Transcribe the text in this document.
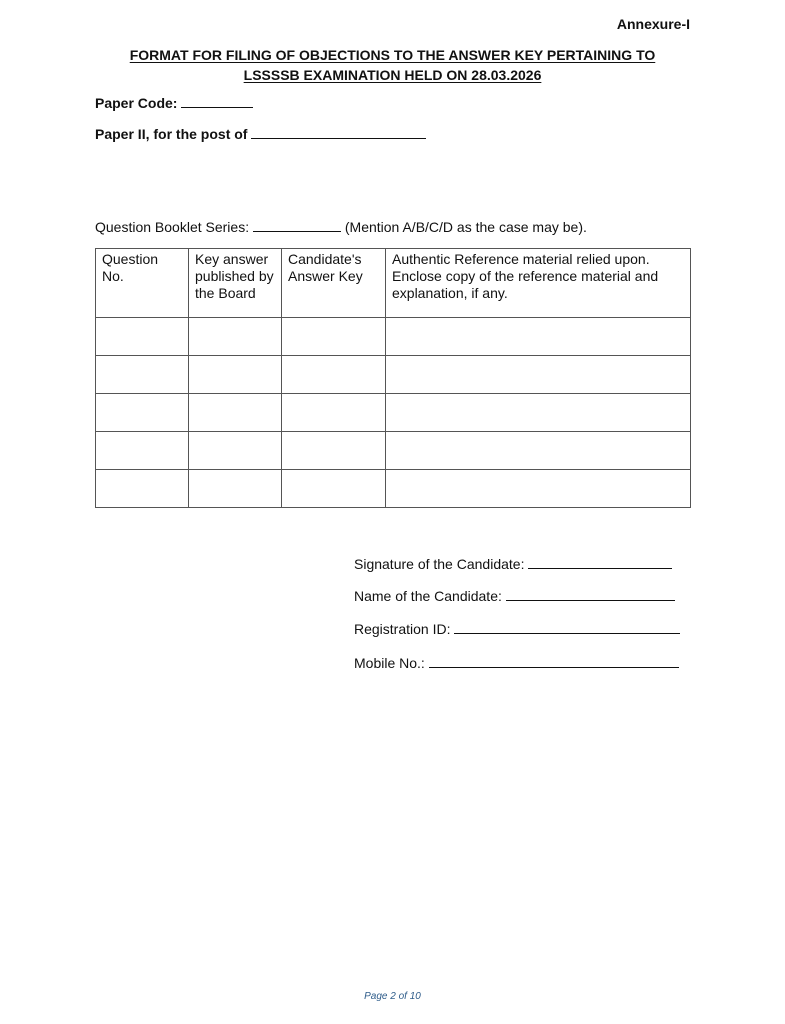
Annexure-I
FORMAT FOR FILING OF OBJECTIONS TO THE ANSWER KEY PERTAINING TO
LSSSSB EXAMINATION HELD ON 28.03.2026
Paper Code:
Paper II, for the post of
Question Booklet Series:	(Mention A/B/C/D as the case may be).
Question No.	Key answer published by the Board	Candidate's Answer Key	Authentic Reference material relied upon. Enclose copy of the reference material and explanation, if any.

Signature of the Candidate:
Name of the Candidate:
Registration ID:
Mobile No.:
Page 2 of 10
